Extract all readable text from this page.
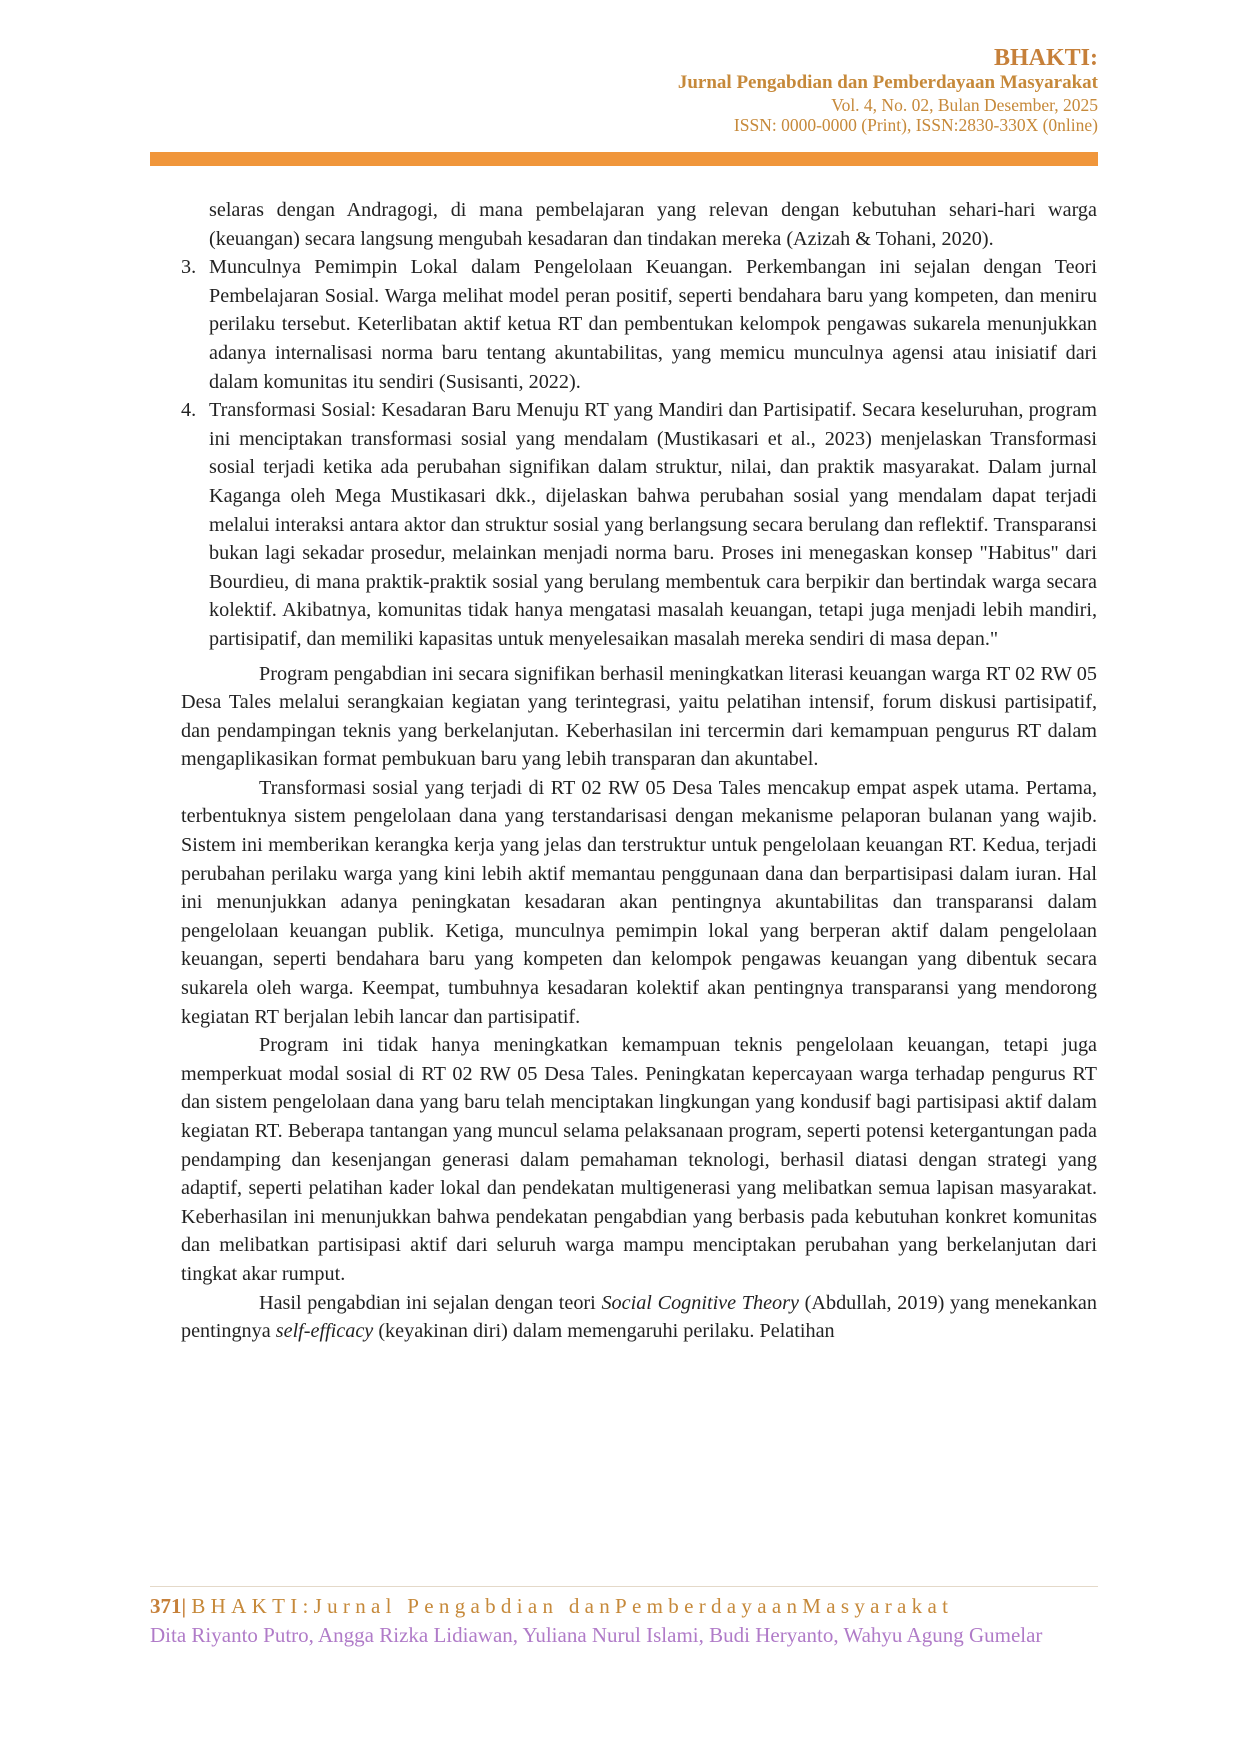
BHAKTI:
Jurnal Pengabdian dan Pemberdayaan Masyarakat
Vol. 4, No. 02, Bulan Desember, 2025
ISSN: 0000-0000 (Print), ISSN:2830-330X (0nline)

selaras dengan Andragogi, di mana pembelajaran yang relevan dengan kebutuhan sehari-hari warga (keuangan) secara langsung mengubah kesadaran dan tindakan mereka (Azizah & Tohani, 2020).

3. Munculnya Pemimpin Lokal dalam Pengelolaan Keuangan. Perkembangan ini sejalan dengan Teori Pembelajaran Sosial. Warga melihat model peran positif, seperti bendahara baru yang kompeten, dan meniru perilaku tersebut. Keterlibatan aktif ketua RT dan pembentukan kelompok pengawas sukarela menunjukkan adanya internalisasi norma baru tentang akuntabilitas, yang memicu munculnya agensi atau inisiatif dari dalam komunitas itu sendiri (Susisanti, 2022).
4. Transformasi Sosial: Kesadaran Baru Menuju RT yang Mandiri dan Partisipatif. Secara keseluruhan, program ini menciptakan transformasi sosial yang mendalam (Mustikasari et al., 2023) menjelaskan Transformasi sosial terjadi ketika ada perubahan signifikan dalam struktur, nilai, dan praktik masyarakat. Dalam jurnal Kaganga oleh Mega Mustikasari dkk., dijelaskan bahwa perubahan sosial yang mendalam dapat terjadi melalui interaksi antara aktor dan struktur sosial yang berlangsung secara berulang dan reflektif. Transparansi bukan lagi sekadar prosedur, melainkan menjadi norma baru. Proses ini menegaskan konsep "Habitus" dari Bourdieu, di mana praktik-praktik sosial yang berulang membentuk cara berpikir dan bertindak warga secara kolektif. Akibatnya, komunitas tidak hanya mengatasi masalah keuangan, tetapi juga menjadi lebih mandiri, partisipatif, dan memiliki kapasitas untuk menyelesaikan masalah mereka sendiri di masa depan."

Program pengabdian ini secara signifikan berhasil meningkatkan literasi keuangan warga RT 02 RW 05 Desa Tales melalui serangkaian kegiatan yang terintegrasi, yaitu pelatihan intensif, forum diskusi partisipatif, dan pendampingan teknis yang berkelanjutan. Keberhasilan ini tercermin dari kemampuan pengurus RT dalam mengaplikasikan format pembukuan baru yang lebih transparan dan akuntabel.

Transformasi sosial yang terjadi di RT 02 RW 05 Desa Tales mencakup empat aspek utama. Pertama, terbentuknya sistem pengelolaan dana yang terstandarisasi dengan mekanisme pelaporan bulanan yang wajib. Sistem ini memberikan kerangka kerja yang jelas dan terstruktur untuk pengelolaan keuangan RT. Kedua, terjadi perubahan perilaku warga yang kini lebih aktif memantau penggunaan dana dan berpartisipasi dalam iuran. Hal ini menunjukkan adanya peningkatan kesadaran akan pentingnya akuntabilitas dan transparansi dalam pengelolaan keuangan publik. Ketiga, munculnya pemimpin lokal yang berperan aktif dalam pengelolaan keuangan, seperti bendahara baru yang kompeten dan kelompok pengawas keuangan yang dibentuk secara sukarela oleh warga. Keempat, tumbuhnya kesadaran kolektif akan pentingnya transparansi yang mendorong kegiatan RT berjalan lebih lancar dan partisipatif.

Program ini tidak hanya meningkatkan kemampuan teknis pengelolaan keuangan, tetapi juga memperkuat modal sosial di RT 02 RW 05 Desa Tales. Peningkatan kepercayaan warga terhadap pengurus RT dan sistem pengelolaan dana yang baru telah menciptakan lingkungan yang kondusif bagi partisipasi aktif dalam kegiatan RT. Beberapa tantangan yang muncul selama pelaksanaan program, seperti potensi ketergantungan pada pendamping dan kesenjangan generasi dalam pemahaman teknologi, berhasil diatasi dengan strategi yang adaptif, seperti pelatihan kader lokal dan pendekatan multigenerasi yang melibatkan semua lapisan masyarakat. Keberhasilan ini menunjukkan bahwa pendekatan pengabdian yang berbasis pada kebutuhan konkret komunitas dan melibatkan partisipasi aktif dari seluruh warga mampu menciptakan perubahan yang berkelanjutan dari tingkat akar rumput.

Hasil pengabdian ini sejalan dengan teori Social Cognitive Theory (Abdullah, 2019) yang menekankan pentingnya self-efficacy (keyakinan diri) dalam memengaruhi perilaku. Pelatihan

371| BHAKTI:Jurnal Pengabdian danPemberdayaanMasyarakat
Dita Riyanto Putro, Angga Rizka Lidiawan, Yuliana Nurul Islami, Budi Heryanto, Wahyu Agung Gumelar
